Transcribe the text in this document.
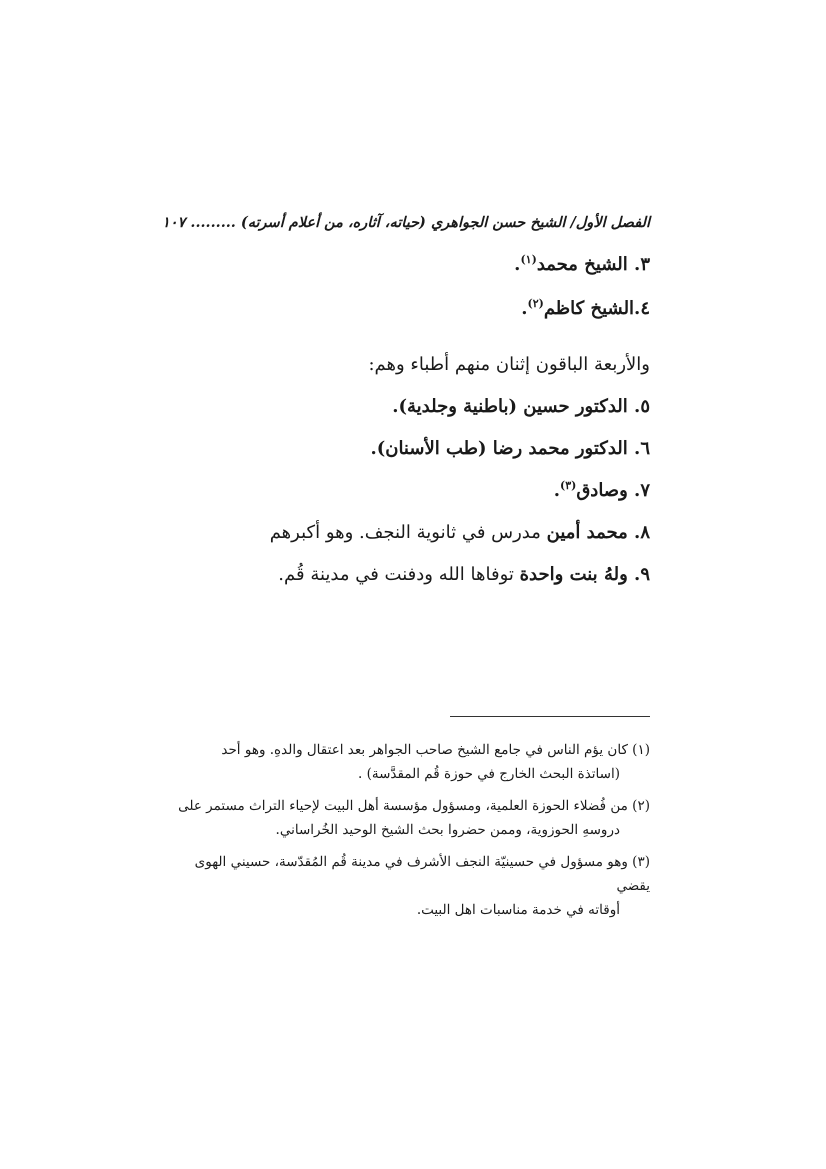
الفصل الأول/ الشيخ حسن الجواهري (حياته، آثاره، من أعلام أسرته) ......... ١٠٧
٣. الشيخ محمد$^{(١)}$.
٤.الشيخ كاظم$^{(٢)}$.
والأربعة الباقون إثنان منهم أطباء وهم:
٥. الدكتور حسين (باطنية وجلدية).
٦. الدكتور محمد رضا (طب الأسنان).
٧. وصادق$^{(٣)}$.
٨. محمد أمين مدرس في ثانوية النجف. وهو أكبرهم
٩. ولهُ بنت واحدة توفاها الله ودفنت في مدينة قُم.
(١) كان يؤم الناس في جامع الشيخ صاحب الجواهر بعد اعتقال والدهِ. وهو أحد
(اساتذة البحث الخارج في حوزة قُم المقدَّسة) .
(٢) من فُضلاء الحوزة العلمية، ومسؤول مؤسسة أهل البيت لإحياء التراث مستمر على
دروسهِ الحوزوية، وممن حضروا بحث الشيخ الوحيد الخُراساني.
(٣) وهو مسؤول في حسينيّة النجف الأشرف في مدينة قُم المُقدّسة، حسيني الهوى يقضي
أوقاته في خدمة مناسبات اهل البيت.
